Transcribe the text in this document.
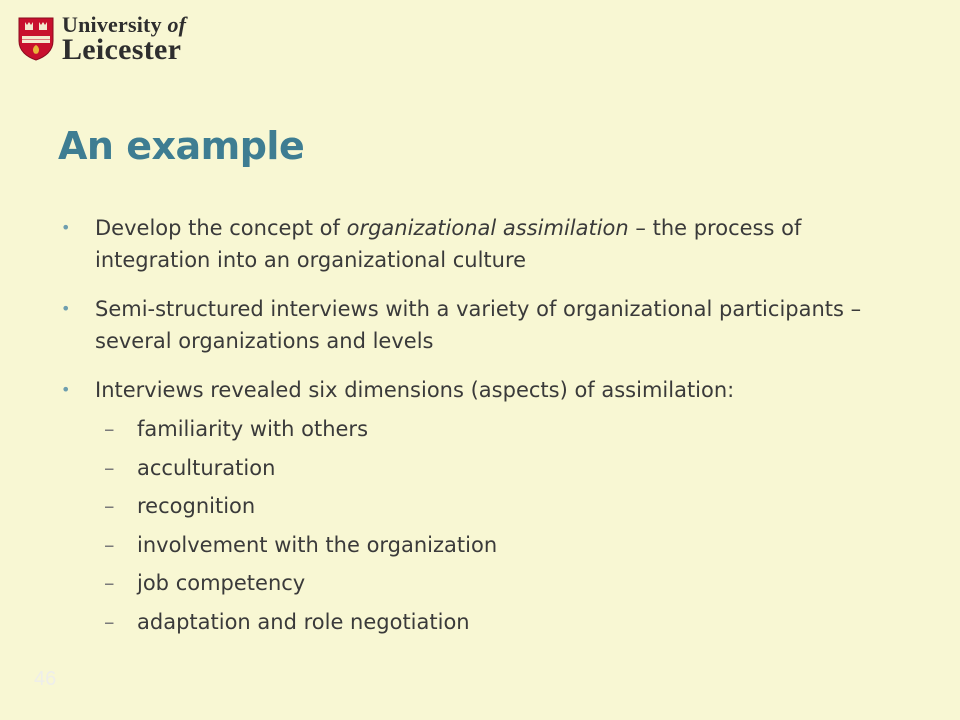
University of
Leicester
An example
• Develop the concept of organizational assimilation – the process of integration into an organizational culture
• Semi-structured interviews with a variety of organizational participants – several organizations and levels
• Interviews revealed six dimensions (aspects) of assimilation:
– familiarity with others
– acculturation
– recognition
– involvement with the organization
– job competency
– adaptation and role negotiation
46
